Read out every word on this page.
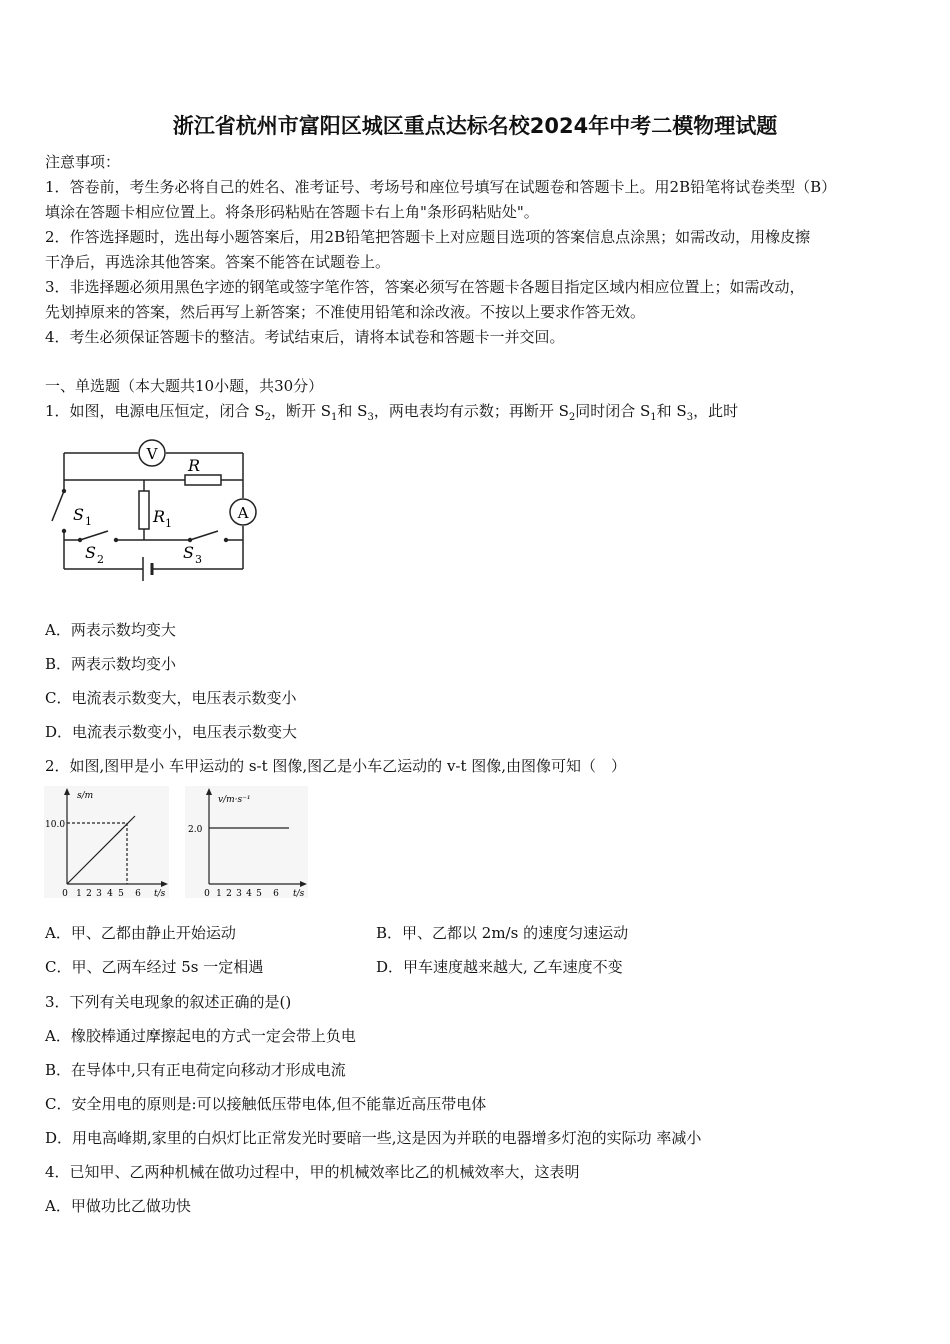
浙江省杭州市富阳区城区重点达标名校2024年中考二模物理试题
注意事项：
1．答卷前，考生务必将自己的姓名、准考证号、考场号和座位号填写在试题卷和答题卡上。用2B铅笔将试卷类型（B）
填涂在答题卡相应位置上。将条形码粘贴在答题卡右上角"条形码粘贴处"。
2．作答选择题时，选出每小题答案后，用2B铅笔把答题卡上对应题目选项的答案信息点涂黑；如需改动，用橡皮擦
干净后，再选涂其他答案。答案不能答在试题卷上。
3．非选择题必须用黑色字迹的钢笔或签字笔作答，答案必须写在答题卡各题目指定区域内相应位置上；如需改动，
先划掉原来的答案，然后再写上新答案；不准使用铅笔和涂改液。不按以上要求作答无效。
4．考生必须保证答题卡的整洁。考试结束后，请将本试卷和答题卡一并交回。
一、单选题（本大题共10小题，共30分）
1．如图，电源电压恒定，闭合 $S_2$，断开 $S_1$和 $S_3$，两电表均有示数；再断开 $S_2$同时闭合 $S_1$和 $S_3$，此时
V
A
R
R 1
S 1
S 2	S 3
A．两表示数均变大
B．两表示数均变小
C．电流表示数变大，电压表示数变小
D．电流表示数变小，电压表示数变大
2．如图,图甲是小 车甲运动的 s-t 图像,图乙是小车乙运动的 v-t 图像,由图像可知（　）
s/m
10.0
t/s
0 1 2 3 4 5 6
v/m·s⁻¹
2.0
t/s
0 1 2 3 4 5 6
A．甲、乙都由静止开始运动	B．甲、乙都以 2m/s 的速度匀速运动
C．甲、乙两车经过 5s 一定相遇	D．甲车速度越来越大, 乙车速度不变
3．下列有关电现象的叙述正确的是()
A．橡胶棒通过摩擦起电的方式一定会带上负电
B．在导体中,只有正电荷定向移动才形成电流
C．安全用电的原则是:可以接触低压带电体,但不能靠近高压带电体
D．用电高峰期,家里的白炽灯比正常发光时要暗一些,这是因为并联的电器增多灯泡的实际功 率减小
4．已知甲、乙两种机械在做功过程中，甲的机械效率比乙的机械效率大，这表明
A．甲做功比乙做功快
